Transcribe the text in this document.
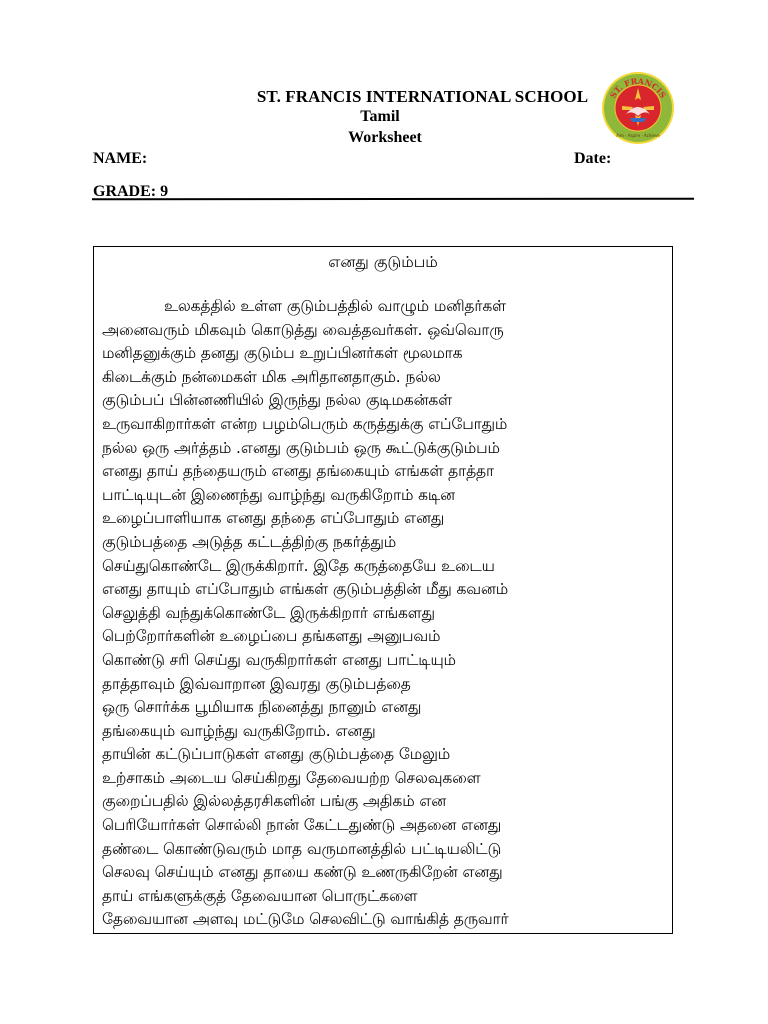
ST. FRANCIS INTERNATIONAL SCHOOL
Tamil
Worksheet
ST. FRANCIS
Aim · Aspire · Achieve
NAME:	Date:
GRADE: 9
எனது குடும்பம்
உலகத்தில் உள்ள குடும்பத்தில் வாழும் மனிதர்கள்
அனைவரும் மிகவும் கொடுத்து வைத்தவர்கள். ஒவ்வொரு
மனிதனுக்கும் தனது குடும்ப உறுப்பினர்கள் மூலமாக
கிடைக்கும் நன்மைகள் மிக அரிதானதாகும். நல்ல
குடும்பப் பின்னணியில் இருந்து நல்ல குடிமகன்கள்
உருவாகிறார்கள் என்ற பழம்பெரும் கருத்துக்கு எப்போதும்
நல்ல ஒரு அர்த்தம் .எனது குடும்பம் ஒரு கூட்டுக்குடும்பம்
எனது தாய் தந்தையரும் எனது தங்கையும் எங்கள் தாத்தா
பாட்டியுடன் இணைந்து வாழ்ந்து வருகிறோம் கடின
உழைப்பாளியாக எனது தந்தை எப்போதும் எனது
குடும்பத்தை அடுத்த கட்டத்திற்கு நகர்த்தும்
செய்துகொண்டே இருக்கிறார். இதே கருத்தையே உடைய
எனது தாயும் எப்போதும் எங்கள் குடும்பத்தின் மீது கவனம்
செலுத்தி வந்துக்கொண்டே இருக்கிறார் எங்களது
பெற்றோர்களின் உழைப்பை தங்களது அனுபவம்
கொண்டு சரி செய்து வருகிறார்கள் எனது பாட்டியும்
தாத்தாவும் இவ்வாறான இவரது குடும்பத்தை
ஒரு சொர்க்க பூமியாக நினைத்து நானும் எனது
தங்கையும் வாழ்ந்து வருகிறோம். எனது
தாயின் கட்டுப்பாடுகள் எனது குடும்பத்தை மேலும்
உற்சாகம் அடைய செய்கிறது தேவையற்ற செலவுகளை
குறைப்பதில் இல்லத்தரசிகளின் பங்கு அதிகம் என
பெரியோர்கள் சொல்லி நான் கேட்டதுண்டு அதனை எனது
தண்டை கொண்டுவரும் மாத வருமானத்தில் பட்டியலிட்டு
செலவு செய்யும் எனது தாயை கண்டு உணருகிறேன் எனது
தாய் எங்களுக்குத் தேவையான பொருட்களை
தேவையான அளவு மட்டுமே செலவிட்டு வாங்கித் தருவார்
